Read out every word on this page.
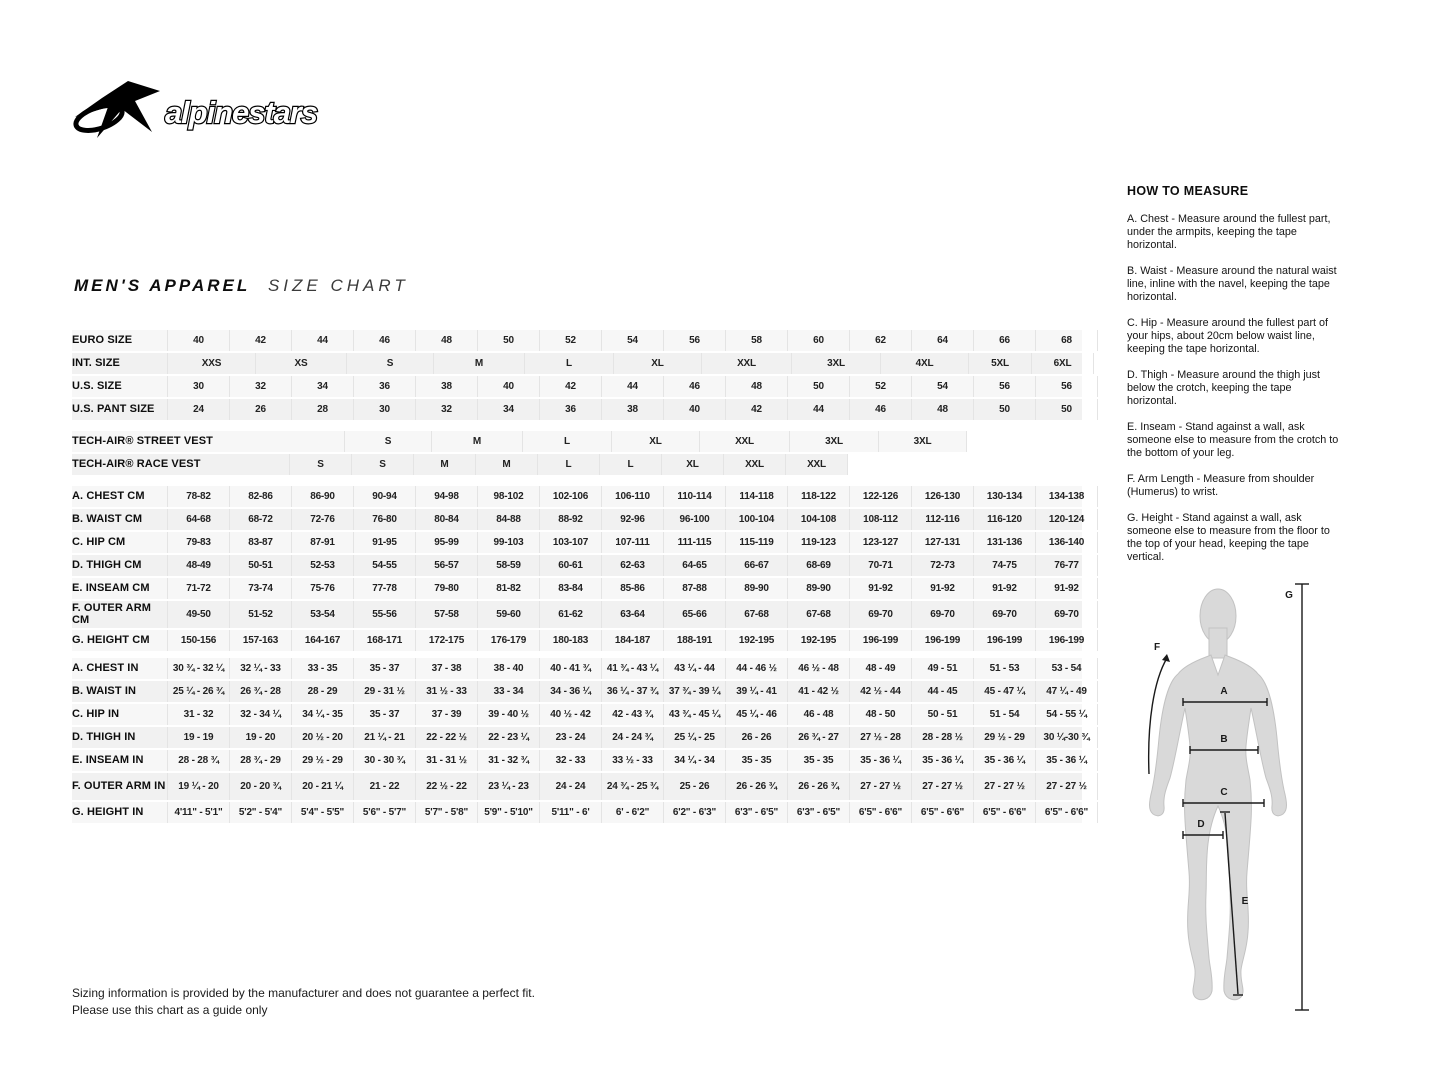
alpinestars
MEN'S APPAREL SIZE CHART
EURO SIZE	40	42	44	46	48	50	52	54	56	58	60	62	64	66	68
INT. SIZE	XXS	XS	S	M	L	XL	XXL	3XL	4XL	5XL	6XL
U.S. SIZE	30	32	34	36	38	40	42	44	46	48	50	52	54	56	56
U.S. PANT SIZE	24	26	28	30	32	34	36	38	40	42	44	46	48	50	50
TECH-AIR® STREET VEST	S	M	L	XL	XXL	3XL	3XL
TECH-AIR® RACE VEST	S	S	M	M	L	L	XL	XXL	XXL
A. CHEST CM	78-82	82-86	86-90	90-94	94-98	98-102	102-106	106-110	110-114	114-118	118-122	122-126	126-130	130-134	134-138
B. WAIST CM	64-68	68-72	72-76	76-80	80-84	84-88	88-92	92-96	96-100	100-104	104-108	108-112	112-116	116-120	120-124
C. HIP CM	79-83	83-87	87-91	91-95	95-99	99-103	103-107	107-111	111-115	115-119	119-123	123-127	127-131	131-136	136-140
D. THIGH CM	48-49	50-51	52-53	54-55	56-57	58-59	60-61	62-63	64-65	66-67	68-69	70-71	72-73	74-75	76-77
E. INSEAM CM	71-72	73-74	75-76	77-78	79-80	81-82	83-84	85-86	87-88	89-90	89-90	91-92	91-92	91-92	91-92
F. OUTER ARM CM	49-50	51-52	53-54	55-56	57-58	59-60	61-62	63-64	65-66	67-68	67-68	69-70	69-70	69-70	69-70
G. HEIGHT CM	150-156	157-163	164-167	168-171	172-175	176-179	180-183	184-187	188-191	192-195	192-195	196-199	196-199	196-199	196-199
A. CHEST IN	30 ¾ - 32 ¼	32 ¼ - 33	33 - 35	35 - 37	37 - 38	38 - 40	40 - 41 ¾	41 ¾ - 43 ¼	43 ¼ - 44	44 - 46 ½	46 ½ - 48	48 - 49	49 - 51	51 - 53	53 - 54
B. WAIST IN	25 ¼ - 26 ¾	26 ¾ - 28	28 - 29	29 - 31 ½	31 ½ - 33	33 - 34	34 - 36 ¼	36 ¼ - 37 ¾	37 ¾ - 39 ¼	39 ¼ - 41	41 - 42 ½	42 ½ - 44	44 - 45	45 - 47 ¼	47 ¼ - 49
C. HIP IN	31 - 32	32 - 34 ¼	34 ¼ - 35	35 - 37	37 - 39	39 - 40 ½	40 ½ - 42	42 - 43 ¾	43 ¾ - 45 ¼	45 ¼ - 46	46 - 48	48 - 50	50 - 51	51 - 54	54 - 55 ¼
D. THIGH IN	19 - 19	19 - 20	20 ½ - 20	21 ¼ - 21	22 - 22 ½	22 - 23 ¼	23 - 24	24 - 24 ¾	25 ¼ - 25	26 - 26	26 ¾ - 27	27 ½ - 28	28 - 28 ½	29 ½ - 29	30 ¼-30 ¾
E. INSEAM IN	28 - 28 ¾	28 ¾ - 29	29 ½ - 29	30 - 30 ¾	31 - 31 ½	31 - 32 ¾	32 - 33	33 ½ - 33	34 ¼ - 34	35 - 35	35 - 35	35 - 36 ¼	35 - 36 ¼	35 - 36 ¼	35 - 36 ¼
F. OUTER ARM IN	19 ¼ - 20	20 - 20 ¾	20 - 21 ¼	21 - 22	22 ½ - 22	23 ¼ - 23	24 - 24	24 ¾ - 25 ¾	25 - 26	26 - 26 ¾	26 - 26 ¾	27 - 27 ½	27 - 27 ½	27 - 27 ½	27 - 27 ½
G. HEIGHT IN	4'11" - 5'1"	5'2" - 5'4"	5'4" - 5'5"	5'6" - 5'7"	5'7" - 5'8"	5'9" - 5'10"	5'11" - 6'	6' - 6'2"	6'2" - 6'3"	6'3" - 6'5"	6'3" - 6'5"	6'5" - 6'6"	6'5" - 6'6"	6'5" - 6'6"	6'5" - 6'6"
HOW TO MEASURE

A. Chest - Measure around the fullest part, under the armpits, keeping the tape horizontal.

B. Waist - Measure around the natural waist line, inline with the navel, keeping the tape horizontal.

C. Hip - Measure around the fullest part of your hips, about 20cm below waist line, keeping the tape horizontal.

D. Thigh - Measure around the thigh just below the crotch, keeping the tape horizontal.

E. Inseam - Stand against a wall, ask someone else to measure from the crotch to the bottom of your leg.

F. Arm Length - Measure from shoulder (Humerus) to wrist.

G. Height - Stand against a wall, ask someone else to measure from the floor to the top of your head, keeping the tape vertical.

A
B
C
D
E
F
G
Sizing information is provided by the manufacturer and does not guarantee a perfect fit.
Please use this chart as a guide only
